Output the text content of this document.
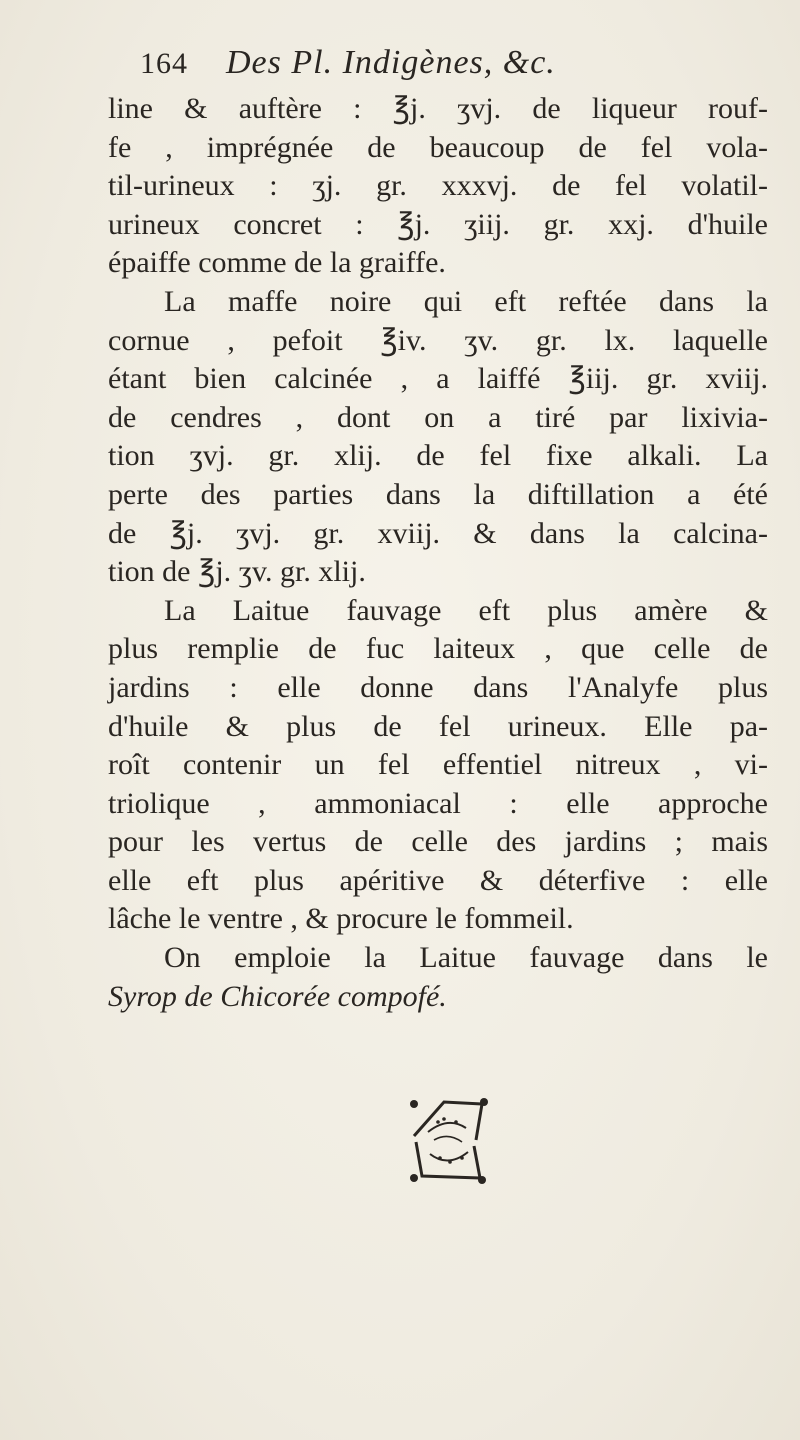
164 Des Pl. Indigènes, &c.
line & auftère : ℥j. ʒvj. de liqueur rouf-
fe , imprégnée de beaucoup de fel vola-
til-urineux : ʒj. gr. xxxvj. de fel volatil-
urineux concret : ℥j. ʒiij. gr. xxj. d'huile
épaiffe comme de la graiffe.
La maffe noire qui eft reftée dans la
cornue , pefoit ℥iv. ʒv. gr. lx. laquelle
étant bien calcinée , a laiffé ℥iij. gr. xviij.
de cendres , dont on a tiré par lixivia-
tion ʒvj. gr. xlij. de fel fixe alkali. La
perte des parties dans la diftillation a été
de ℥j. ʒvj. gr. xviij. & dans la calcina-
tion de ℥j. ʒv. gr. xlij.
La Laitue fauvage eft plus amère &
plus remplie de fuc laiteux , que celle de
jardins : elle donne dans l'Analyfe plus
d'huile & plus de fel urineux. Elle pa-
roît contenir un fel effentiel nitreux , vi-
triolique , ammoniacal : elle approche
pour les vertus de celle des jardins ; mais
elle eft plus apéritive & déterfive : elle
lâche le ventre , & procure le fommeil.
On emploie la Laitue fauvage dans le
Syrop de Chicorée compofé.
